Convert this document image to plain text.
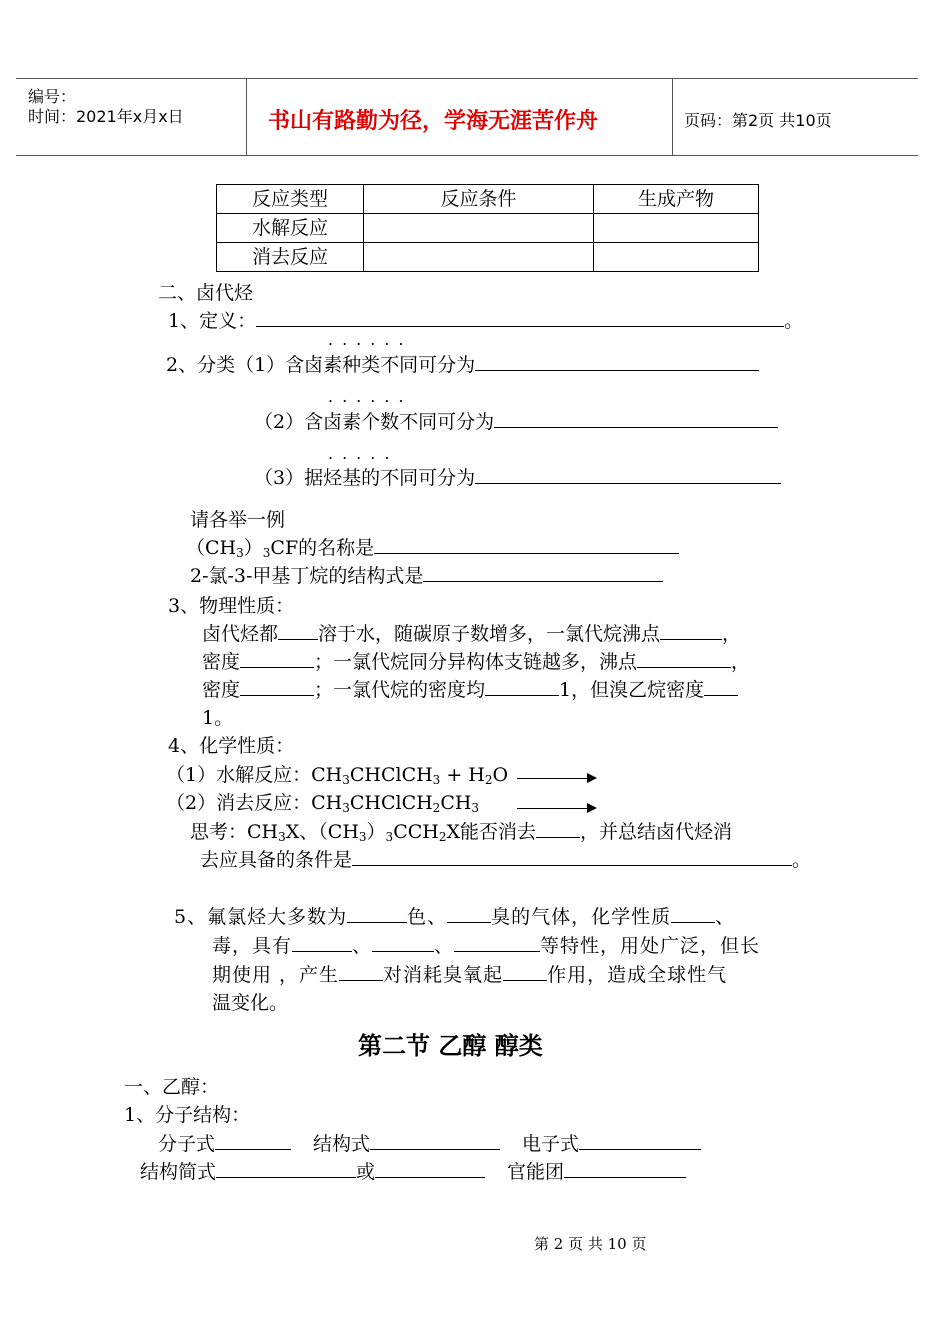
编号：
时间：2021年x月x日	书山有路勤为径，学海无涯苦作舟	页码：第2页 共10页
反应类型	反应条件	生成产物
水解反应		
消去反应		
二、卤代烃
1、定义：	。
......
2、分类（1）含卤素种类不同可分为
......
（2）含卤素个数不同可分为
.....
（3）据烃基的不同可分为
请各举一例
$(CH_3)_3CF$的名称是
2-氯-3-甲基丁烷的结构式是
3、物理性质：
卤代烃都 溶于水，随碳原子数增多，一氯代烷沸点	，
密度	；一氯代烷同分异构体支链越多，沸点	，
密度	；一氯代烷的密度均	1，但溴乙烷密度
1。
4、化学性质：
（1）水解反应：$CH_3CHClCH_3 + H_2O$
（2）消去反应：$CH_3CHClCH_2CH_3$
思考：$CH_3X$、$(CH_3)_3CCH_2X$能否消去 ，并总结卤代烃消
去应具备的条件是	。
5、氟氯烃大多数为	色、 臭的气体，化学性质 、
毒，具有	、	、	等特性，用处广泛，但长
期使用 ，产生 对消耗臭氧起 作用，造成全球性气
温变化。
第二节 乙醇 醇类
一、乙醇：
1、分子结构：
分子式	结构式	电子式
结构简式	或	官能团
第 2 页 共 10 页
